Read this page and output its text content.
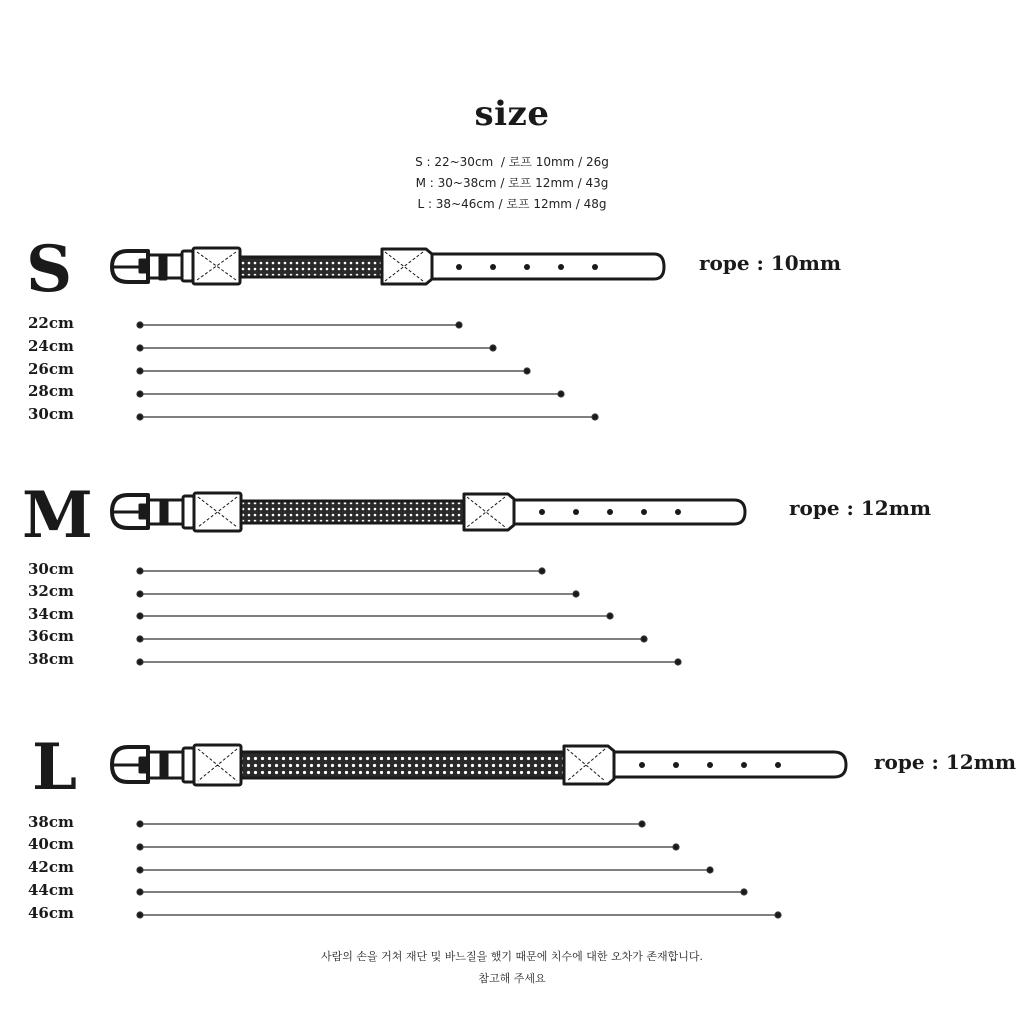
size
S : 22~30cm  / 로프 10mm / 26g
M : 30~38cm / 로프 12mm / 43g
L : 38~46cm / 로프 12mm / 48g
S	rope : 10mm
22cm
24cm
26cm
28cm
30cm
M	rope : 12mm
30cm
32cm
34cm
36cm
38cm
L	rope : 12mm
38cm
40cm
42cm
44cm
46cm
사람의 손을 거쳐 재단 및 바느질을 했기 때문에 치수에 대한 오차가 존재합니다.
참고해 주세요
